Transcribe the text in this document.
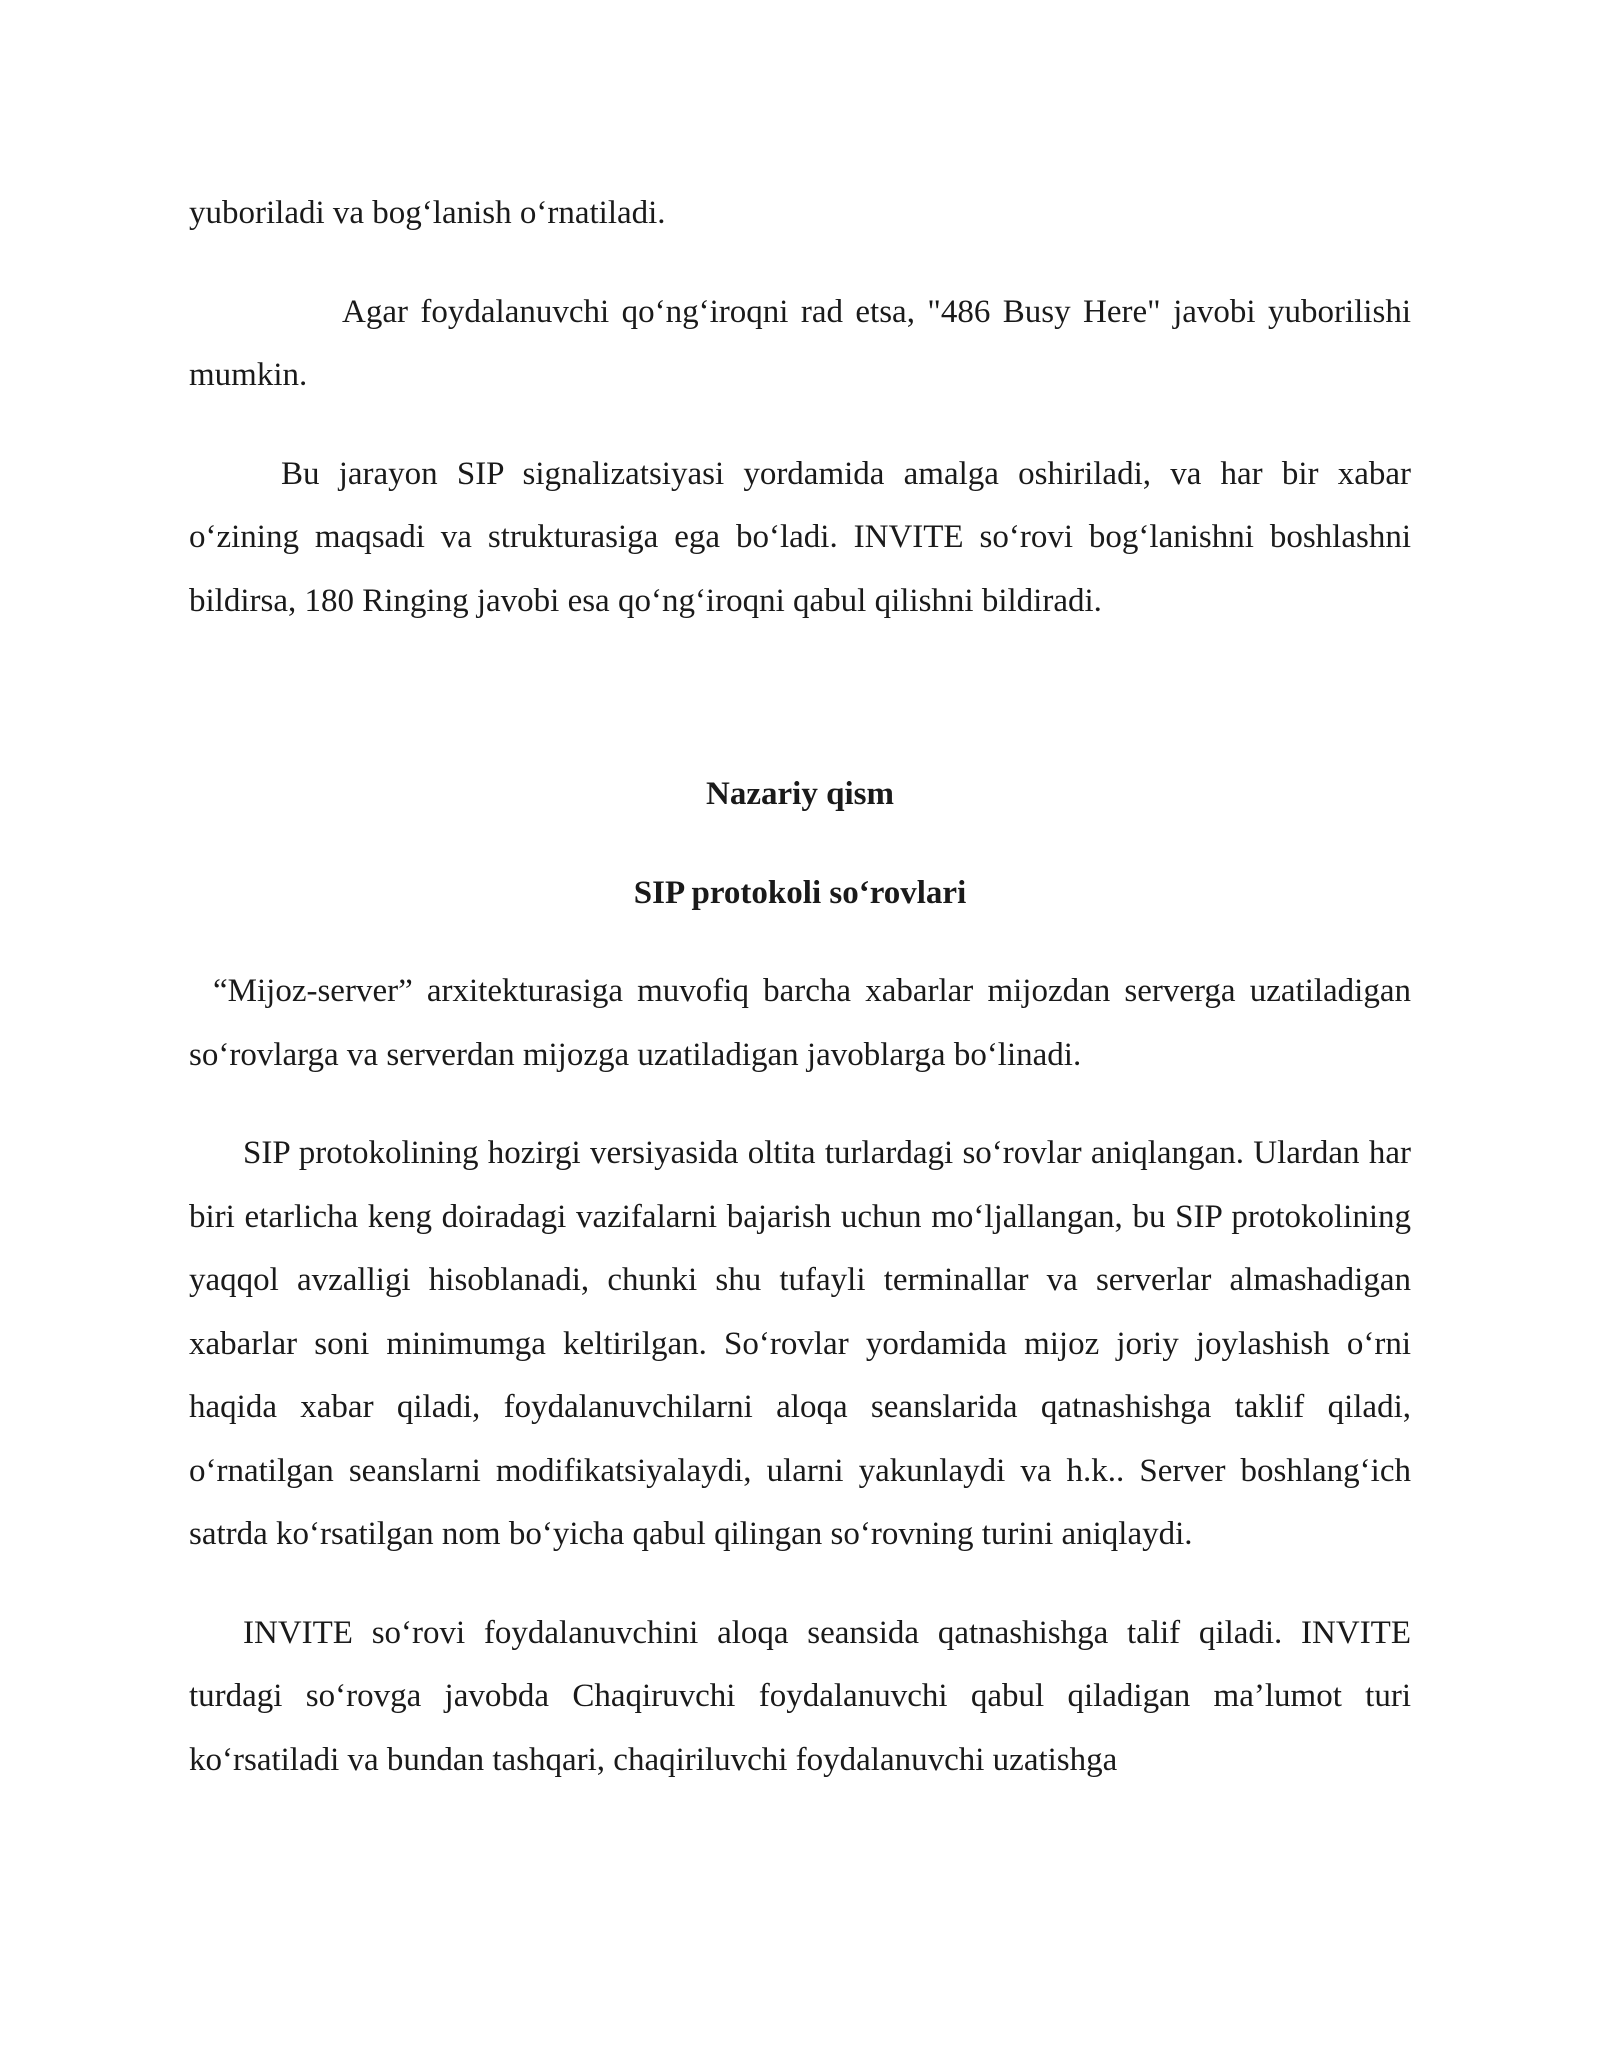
yuboriladi va bog‘lanish o‘rnatiladi.

Agar foydalanuvchi qo‘ng‘iroqni rad etsa, "486 Busy Here" javobi yuborilishi mumkin.

Bu jarayon SIP signalizatsiyasi yordamida amalga oshiriladi, va har bir xabar o‘zining maqsadi va strukturasiga ega bo‘ladi. INVITE so‘rovi bog‘lanishni boshlashni bildirsa, 180 Ringing javobi esa qo‘ng‘iroqni qabul qilishni bildiradi.

Nazariy qism
SIP protokoli so‘rovlari

“Mijoz-server” arxitekturasiga muvofiq barcha xabarlar mijozdan serverga uzatiladigan so‘rovlarga va serverdan mijozga uzatiladigan javoblarga bo‘linadi.

SIP protokolining hozirgi versiyasida oltita turlardagi so‘rovlar aniqlangan. Ulardan har biri etarlicha keng doiradagi vazifalarni bajarish uchun mo‘ljallangan, bu SIP protokolining yaqqol avzalligi hisoblanadi, chunki shu tufayli terminallar va serverlar almashadigan xabarlar soni minimumga keltirilgan. So‘rovlar yordamida mijoz joriy joylashish o‘rni haqida xabar qiladi, foydalanuvchilarni aloqa seanslarida qatnashishga taklif qiladi, o‘rnatilgan seanslarni modifikatsiyalaydi, ularni yakunlaydi va h.k.. Server boshlang‘ich satrda ko‘rsatilgan nom bo‘yicha qabul qilingan so‘rovning turini aniqlaydi.

INVITE so‘rovi foydalanuvchini aloqa seansida qatnashishga talif qiladi. INVITE turdagi so‘rovga javobda Chaqiruvchi foydalanuvchi qabul qiladigan ma’lumot turi ko‘rsatiladi va bundan tashqari, chaqiriluvchi foydalanuvchi uzatishga
